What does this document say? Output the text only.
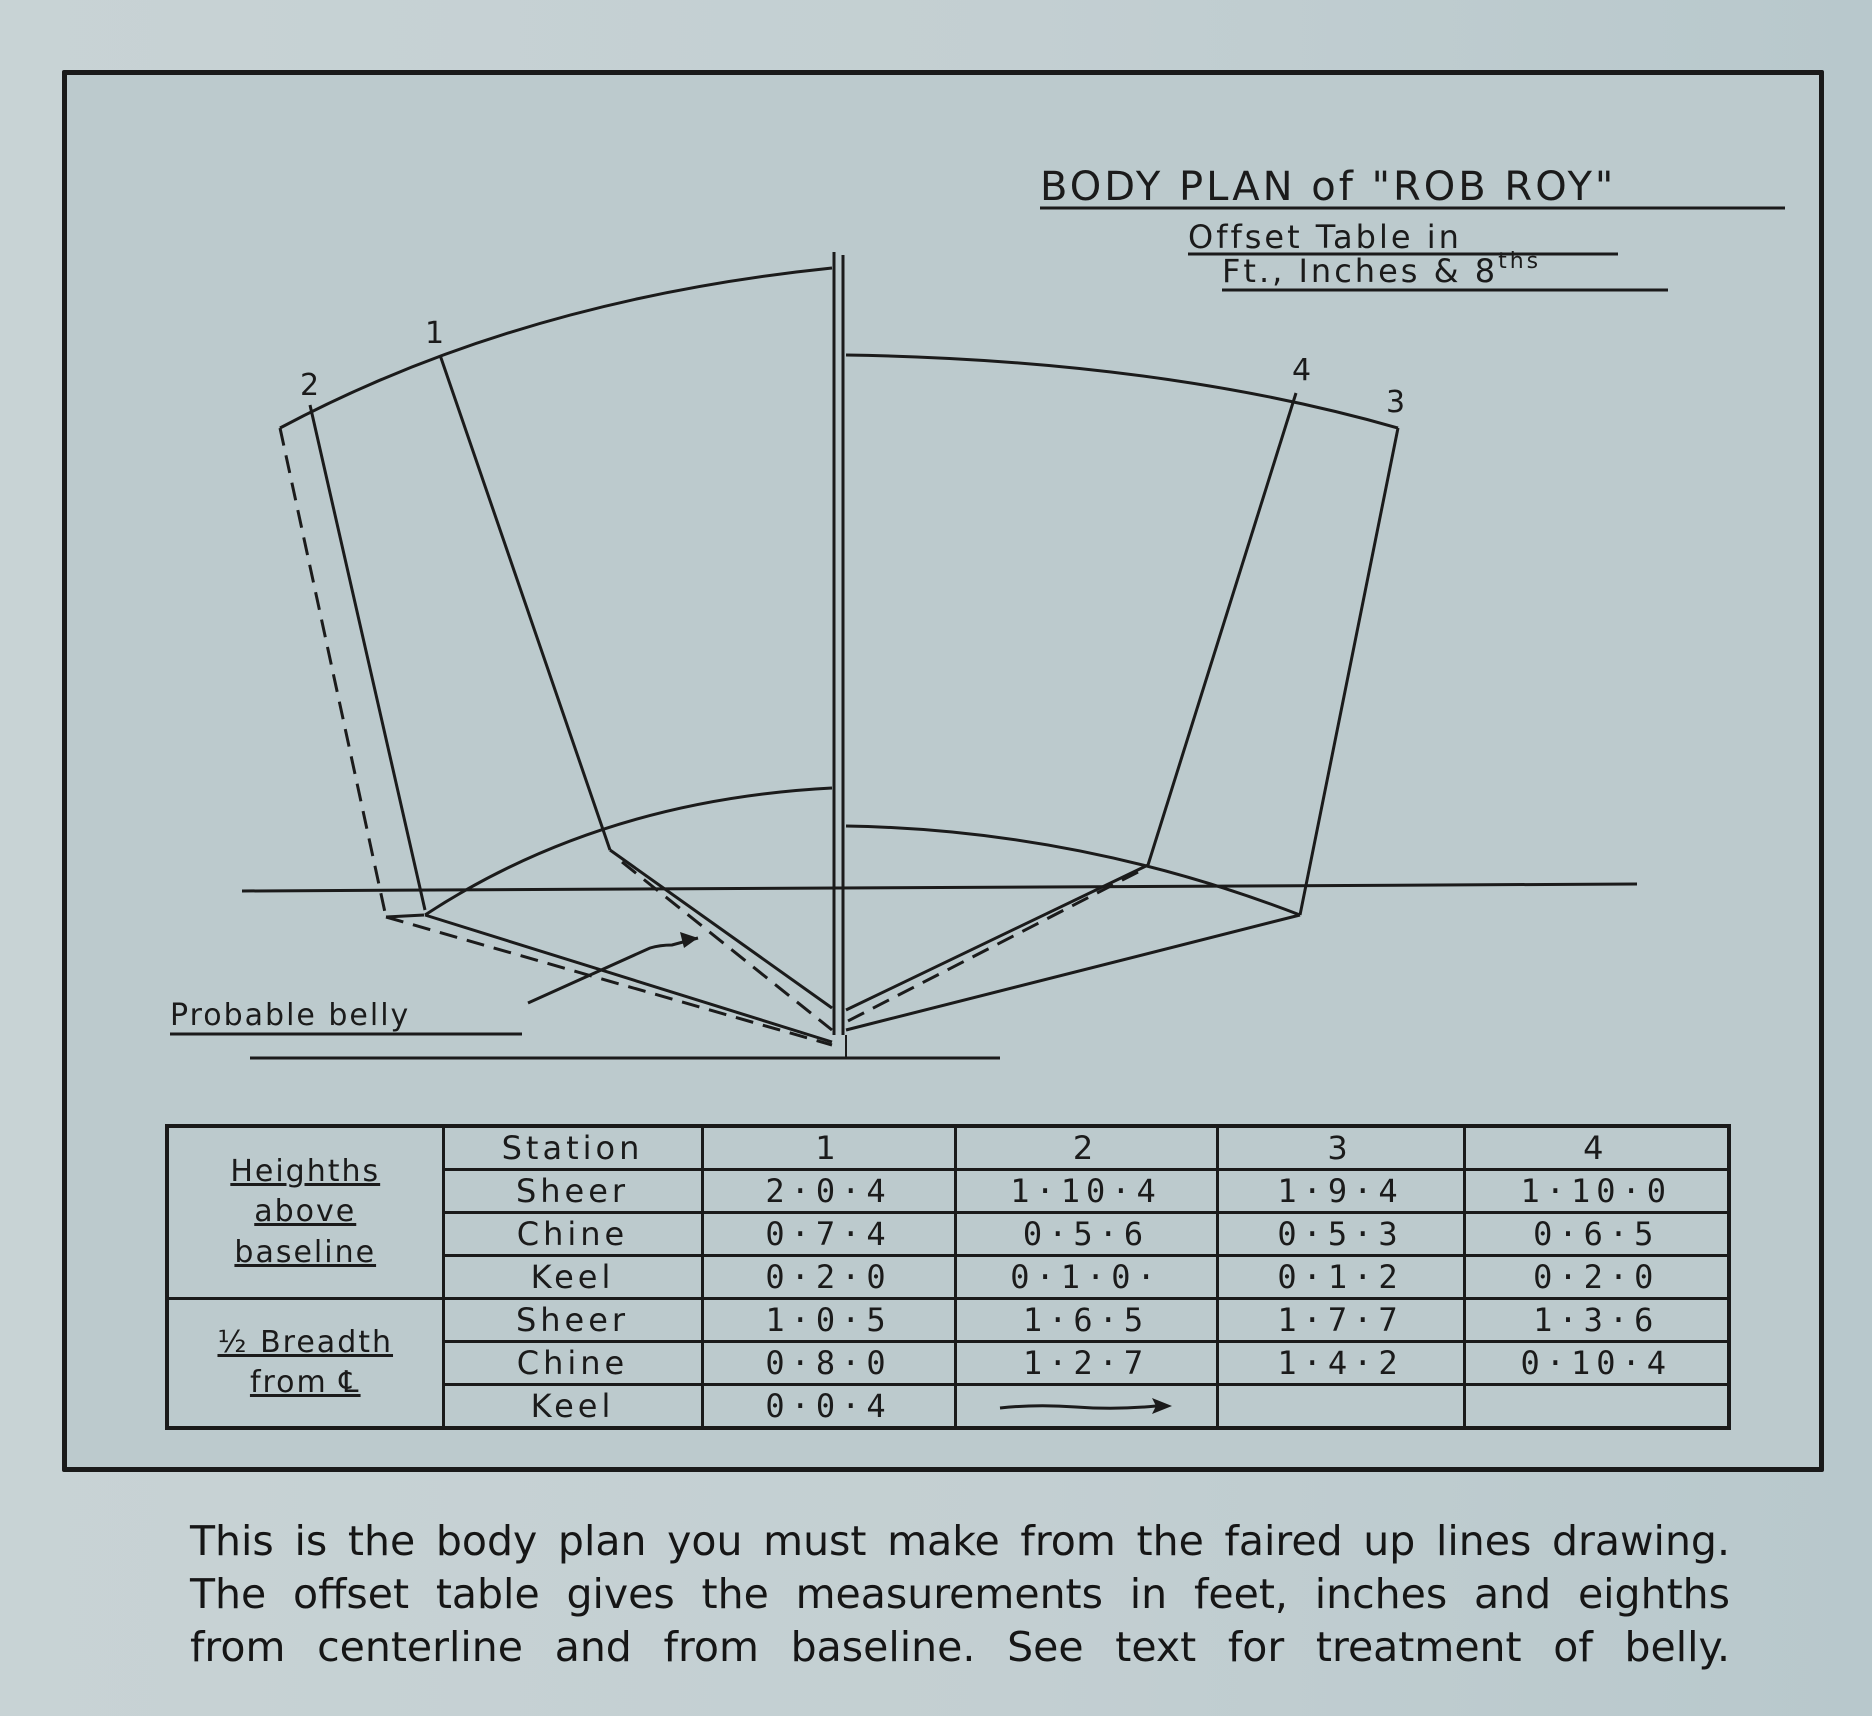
BODY PLAN of "ROB ROY"
Offset Table in
Ft., Inches & $8^{ths}$
2
1
4
3
Probable belly
Heighths
above
baseline	Station	1	2	3	4
	Sheer	2·0·4	1·10·4	1·9·4	1·10·0
	Chine	0·7·4	0·5·6	0·5·3	0·6·5
	Keel	0·2·0	0·1·0·	0·1·2	0·2·0

½ Breadth
from ℄	Sheer	1·0·5	1·6·5	1·7·7	1·3·6
	Chine	0·8·0	1·2·7	1·4·2	0·10·4
	Keel	0·0·4	

This is the body plan you must make from the faired up lines drawing.
The offset table gives the measurements in feet, inches and eighths
from centerline and from baseline. See text for treatment of belly.
